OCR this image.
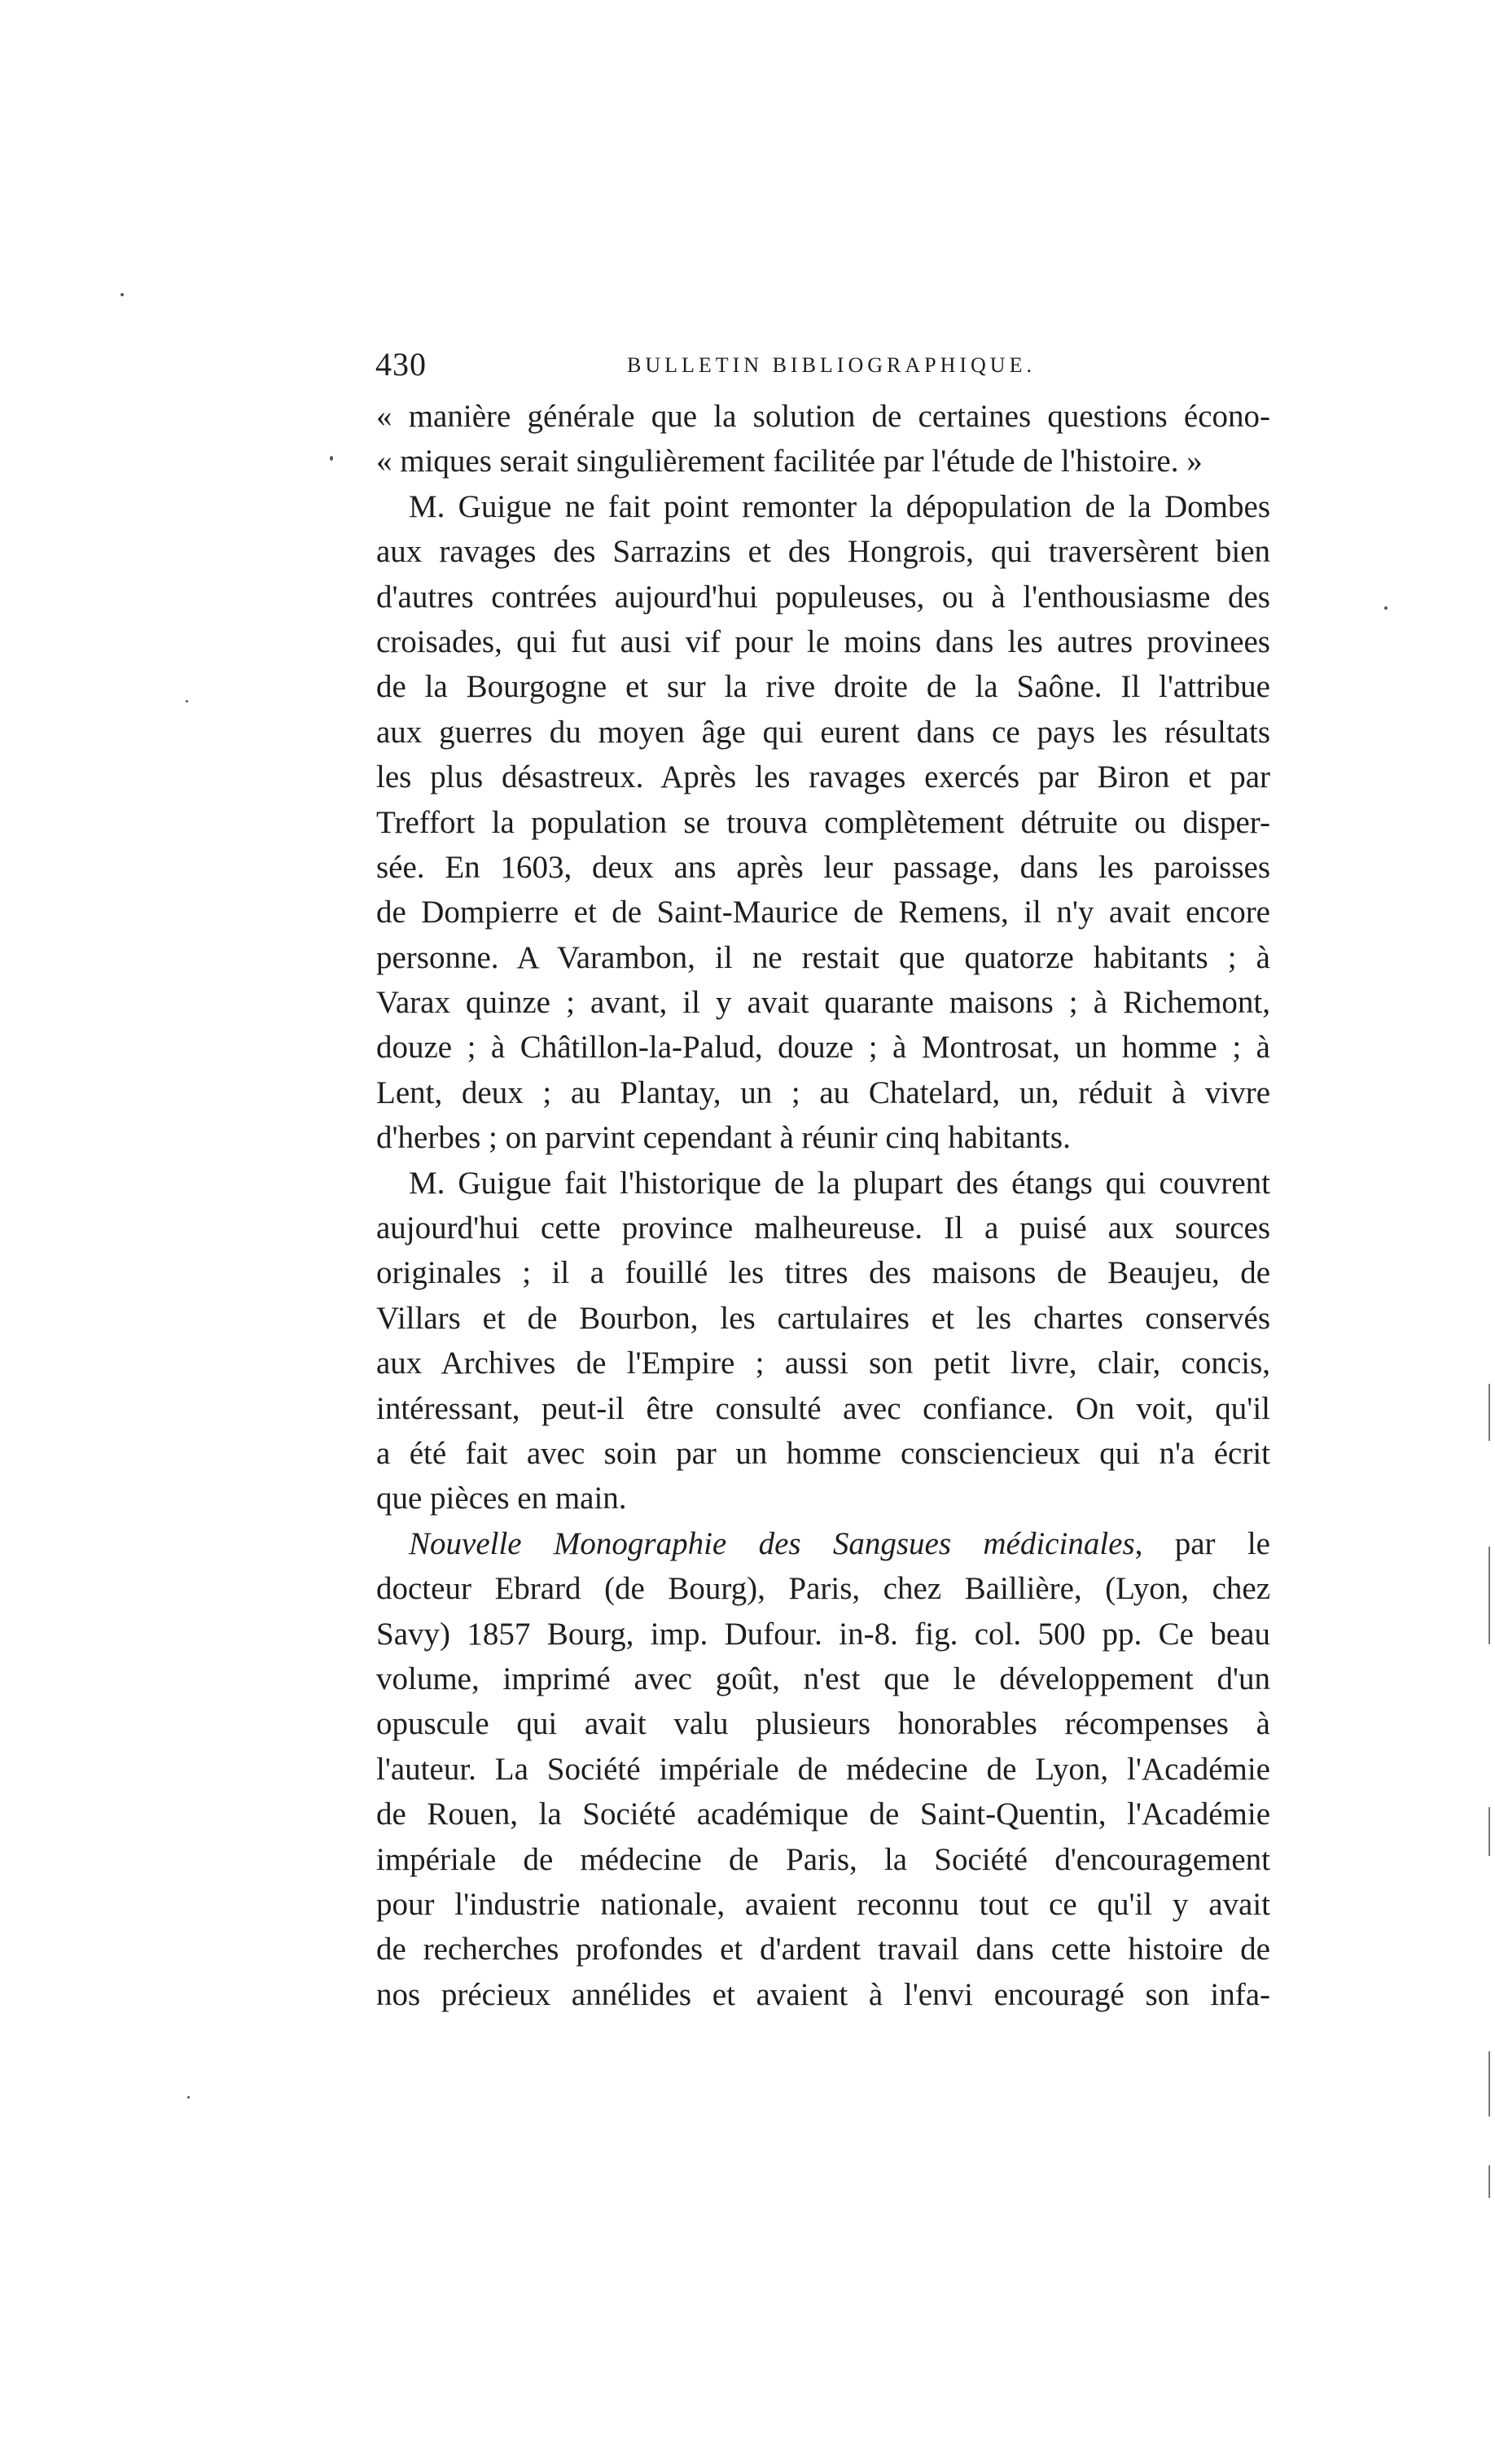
430	BULLETIN BIBLIOGRAPHIQUE.
« manière générale que la solution de certaines questions écono-
« miques serait singulièrement facilitée par l'étude de l'histoire. »
M. Guigue ne fait point remonter la dépopulation de la Dombes
aux ravages des Sarrazins et des Hongrois, qui traversèrent bien
d'autres contrées aujourd'hui populeuses, ou à l'enthousiasme des
croisades, qui fut ausi vif pour le moins dans les autres provinees
de la Bourgogne et sur la rive droite de la Saône. Il l'attribue
aux guerres du moyen âge qui eurent dans ce pays les résultats
les plus désastreux. Après les ravages exercés par Biron et par
Treffort la population se trouva complètement détruite ou disper-
sée. En 1603, deux ans après leur passage, dans les paroisses
de Dompierre et de Saint-Maurice de Remens, il n'y avait encore
personne. A Varambon, il ne restait que quatorze habitants ; à
Varax quinze ; avant, il y avait quarante maisons ; à Richemont,
douze ; à Châtillon-la-Palud, douze ; à Montrosat, un homme ; à
Lent, deux ; au Plantay, un ; au Chatelard, un, réduit à vivre
d'herbes ; on parvint cependant à réunir cinq habitants.
M. Guigue fait l'historique de la plupart des étangs qui couvrent
aujourd'hui cette province malheureuse. Il a puisé aux sources
originales ; il a fouillé les titres des maisons de Beaujeu, de
Villars et de Bourbon, les cartulaires et les chartes conservés
aux Archives de l'Empire ; aussi son petit livre, clair, concis,
intéressant, peut-il être consulté avec confiance. On voit, qu'il
a été fait avec soin par un homme consciencieux qui n'a écrit
que pièces en main.
Nouvelle Monographie des Sangsues médicinales, par le
docteur Ebrard (de Bourg), Paris, chez Baillière, (Lyon, chez
Savy) 1857 Bourg, imp. Dufour. in-8. fig. col. 500 pp. Ce beau
volume, imprimé avec goût, n'est que le développement d'un
opuscule qui avait valu plusieurs honorables récompenses à
l'auteur. La Société impériale de médecine de Lyon, l'Académie
de Rouen, la Société académique de Saint-Quentin, l'Académie
impériale de médecine de Paris, la Société d'encouragement
pour l'industrie nationale, avaient reconnu tout ce qu'il y avait
de recherches profondes et d'ardent travail dans cette histoire de
nos précieux annélides et avaient à l'envi encouragé son infa-
